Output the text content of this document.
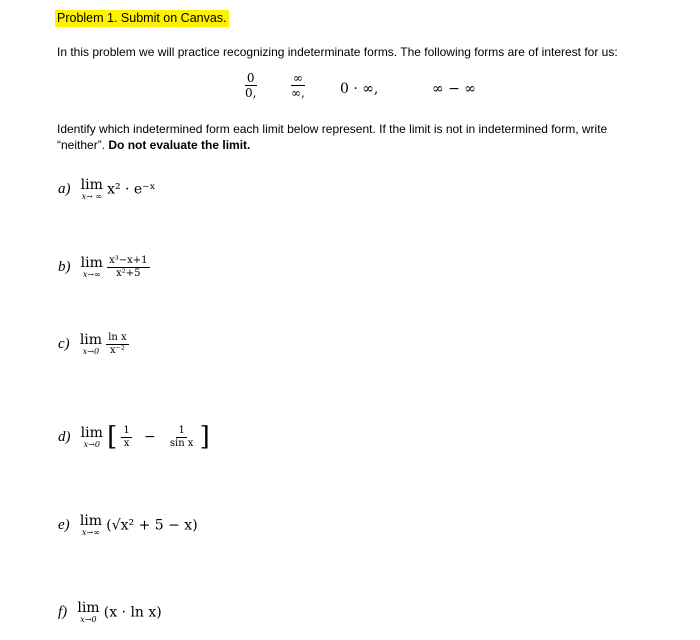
Problem 1. Submit on Canvas.
In this problem we will practice recognizing indeterminate forms. The following forms are of interest for us:
$\frac{0}{0,}$	$\frac{\infty}{\infty,} 0$ · ∞,	∞ − ∞
Identify which indetermined form each limit below represent. If the limit is not in indetermined form, write
“neither”. Do not evaluate the limit.
a) lim
x→ ∞ x² · e⁻ˣ
b) lim
x→∞
$\frac{\text{x³−x+1}}{\text{x²+5}}$
c) lim
x→0
$\frac{\text{ln x}}{\text{x⁻²}}$
d) lim
x→0 [ $\frac{1}{x} - \frac{1}{\text{sin x}}$ ]
e) lim
x→∞ (√x² + 5 − x)
f) lim
x→0 (x · ln x)
